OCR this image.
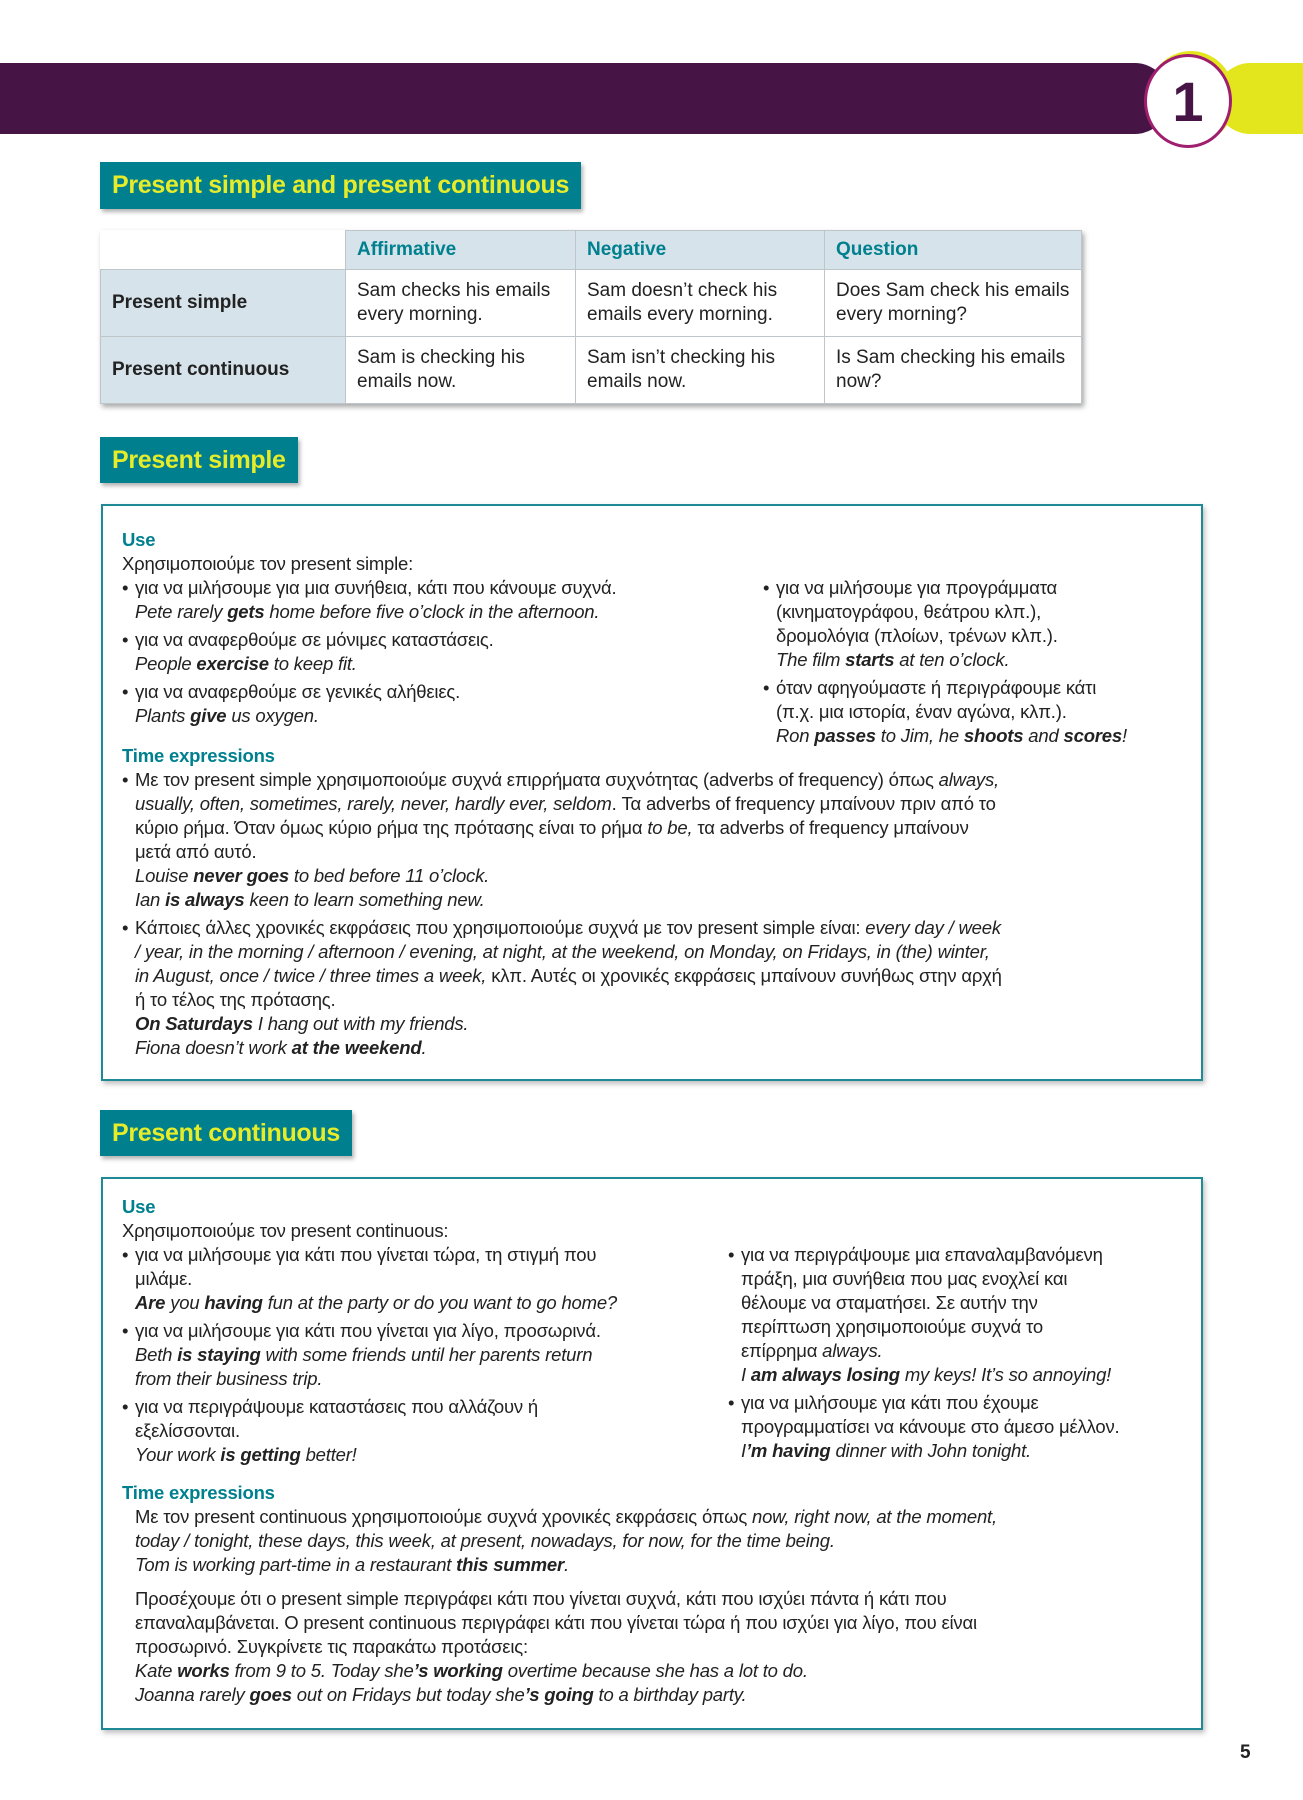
1
Present simple and present continuous
	Affirmative	Negative	Question
Present simple	Sam checks his emails every morning.	Sam doesn’t check his emails every morning.	Does Sam check his emails every morning?
Present continuous	Sam is checking his emails now.	Sam isn’t checking his emails now.	Is Sam checking his emails now?
Present simple
Use
Χρησιμοποιούμε τον present simple:
• για να μιλήσουμε για μια συνήθεια, κάτι που κάνουμε συχνά.
Pete rarely gets home before five o’clock in the afternoon.
• για να αναφερθούμε σε μόνιμες καταστάσεις.
People exercise to keep fit.
• για να αναφερθούμε σε γενικές αλήθειες.
Plants give us oxygen.
• για να μιλήσουμε για προγράμματα
(κινηματογράφου, θεάτρου κλπ.),
δρομολόγια (πλοίων, τρένων κλπ.).
The film starts at ten o’clock.
• όταν αφηγούμαστε ή περιγράφουμε κάτι
(π.χ. μια ιστορία, έναν αγώνα, κλπ.).
Ron passes to Jim, he shoots and scores!
Time expressions
• Με τον present simple χρησιμοποιούμε συχνά επιρρήματα συχνότητας (adverbs of frequency) όπως always,
usually, often, sometimes, rarely, never, hardly ever, seldom. Τα adverbs of frequency μπαίνουν πριν από το
κύριο ρήμα. Όταν όμως κύριο ρήμα της πρότασης είναι το ρήμα to be, τα adverbs of frequency μπαίνουν
μετά από αυτό.
Louise never goes to bed before 11 o’clock.
Ian is always keen to learn something new.
• Κάποιες άλλες χρονικές εκφράσεις που χρησιμοποιούμε συχνά με τον present simple είναι: every day / week
/ year, in the morning / afternoon / evening, at night, at the weekend, on Monday, on Fridays, in (the) winter,
in August, once / twice / three times a week, κλπ. Αυτές οι χρονικές εκφράσεις μπαίνουν συνήθως στην αρχή
ή το τέλος της πρότασης.
On Saturdays I hang out with my friends.
Fiona doesn’t work at the weekend.
Present continuous
Use
Χρησιμοποιούμε τον present continuous:
• για να μιλήσουμε για κάτι που γίνεται τώρα, τη στιγμή που
μιλάμε.
Are you having fun at the party or do you want to go home?
• για να μιλήσουμε για κάτι που γίνεται για λίγο, προσωρινά.
Beth is staying with some friends until her parents return
from their business trip.
• για να περιγράψουμε καταστάσεις που αλλάζουν ή
εξελίσσονται.
Your work is getting better!
• για να περιγράψουμε μια επαναλαμβανόμενη
πράξη, μια συνήθεια που μας ενοχλεί και
θέλουμε να σταματήσει. Σε αυτήν την
περίπτωση χρησιμοποιούμε συχνά το
επίρρημα always.
I am always losing my keys! It’s so annoying!
• για να μιλήσουμε για κάτι που έχουμε
προγραμματίσει να κάνουμε στο άμεσο μέλλον.
I’m having dinner with John tonight.
Time expressions
Με τον present continuous χρησιμοποιούμε συχνά χρονικές εκφράσεις όπως now, right now, at the moment,
today / tonight, these days, this week, at present, nowadays, for now, for the time being.
Tom is working part-time in a restaurant this summer.
Προσέχουμε ότι ο present simple περιγράφει κάτι που γίνεται συχνά, κάτι που ισχύει πάντα ή κάτι που
επαναλαμβάνεται. Ο present continuous περιγράφει κάτι που γίνεται τώρα ή που ισχύει για λίγο, που είναι
προσωρινό. Συγκρίνετε τις παρακάτω προτάσεις:
Kate works from 9 to 5. Today she’s working overtime because she has a lot to do.
Joanna rarely goes out on Fridays but today she’s going to a birthday party.
5
